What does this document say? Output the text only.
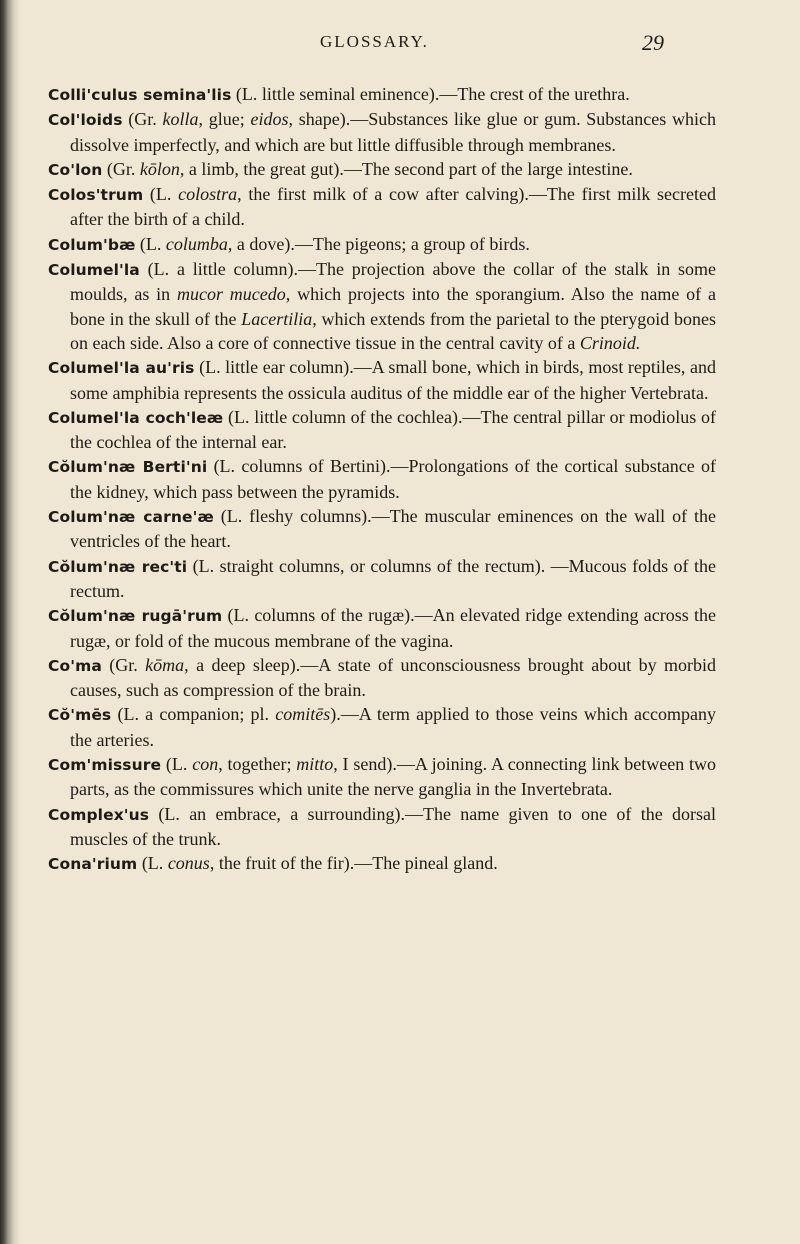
GLOSSARY.	29

Colli'culus semina'lis (L. little seminal eminence).—The crest of the urethra.

Col'loids (Gr. kolla, glue; eidos, shape).—Substances like glue or gum. Substances which dissolve imperfectly, and which are but little diffusible through membranes.

Co'lon (Gr. kōlon, a limb, the great gut).—The second part of the large intestine.

Colos'trum (L. colostra, the first milk of a cow after calving).—The first milk secreted after the birth of a child.

Colum'bæ (L. columba, a dove).—The pigeons; a group of birds.

Columel'la (L. a little column).—The projection above the collar of the stalk in some moulds, as in mucor mucedo, which projects into the sporangium. Also the name of a bone in the skull of the Lacertilia, which extends from the parietal to the pterygoid bones on each side. Also a core of connective tissue in the central cavity of a Crinoid.

Columel'la au'ris (L. little ear column).—A small bone, which in birds, most reptiles, and some amphibia represents the ossicula auditus of the middle ear of the higher Vertebrata.

Columel'la coch'leæ (L. little column of the cochlea).—The central pillar or modiolus of the cochlea of the internal ear.

Cŏlum'næ Berti'ni (L. columns of Bertini).—Prolongations of the cortical substance of the kidney, which pass between the pyramids.

Colum'næ carne'æ (L. fleshy columns).—The muscular eminences on the wall of the ventricles of the heart.

Cŏlum'næ rec'ti (L. straight columns, or columns of the rectum). —Mucous folds of the rectum.

Cŏlum'næ rugā'rum (L. columns of the rugæ).—An elevated ridge extending across the rugæ, or fold of the mucous membrane of the vagina.

Co'ma (Gr. kōma, a deep sleep).—A state of unconsciousness brought about by morbid causes, such as compression of the brain.

Cŏ'mēs (L. a companion; pl. comitēs).—A term applied to those veins which accompany the arteries.

Com'missure (L. con, together; mitto, I send).—A joining. A connecting link between two parts, as the commissures which unite the nerve ganglia in the Invertebrata.

Complex'us (L. an embrace, a surrounding).—The name given to one of the dorsal muscles of the trunk.

Cona'rium (L. conus, the fruit of the fir).—The pineal gland.
